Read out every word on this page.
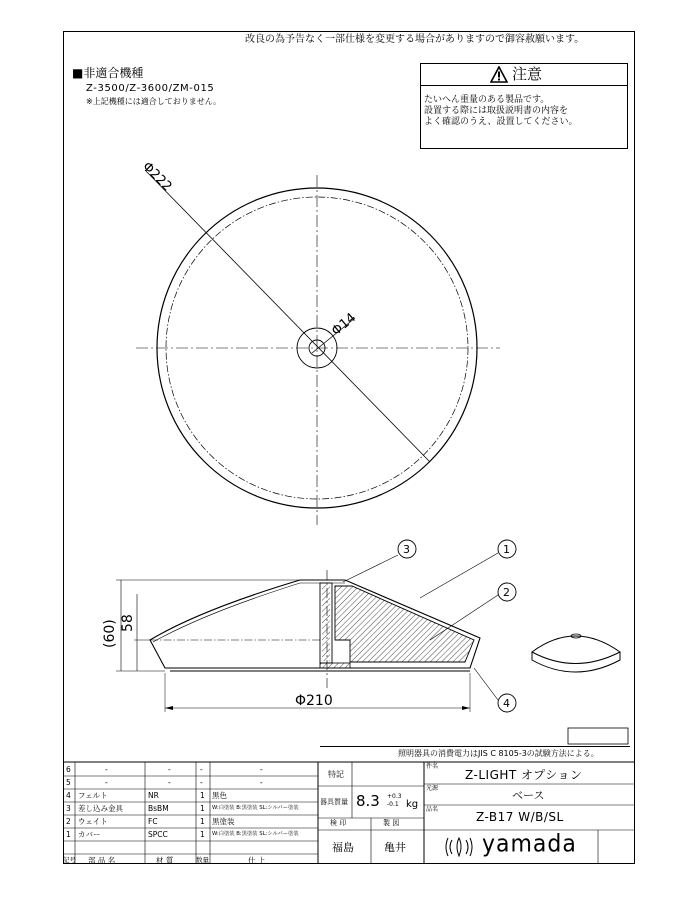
改良の為予告なく一部仕様を変更する場合がありますので御容赦願います。
■非適合機種
Z-3500/Z-3600/ZM-015
※上記機種には適合しておりません。
注意
たいへん重量のある製品です。
設置する際には取扱説明書の内容を
よく確認のうえ、設置してください。
Φ222
Φ14
3	1
2
4
(60) 58
Φ210
照明器具の消費電力はJIS C 8105-3の試験方法による。
6	-	-	-	-
5	-	-	-	-
4 フェルト	NR	1 黒色
3 差し込み金具	BsBM	1 W:白塗装 B:黒塗装 SL:シルバー塗装
2 ウェイト	FC	1 黒塗装
1 カバー	SPCC	1 W:白塗装 B:黒塗装 SL:シルバー塗装
記号 部 品 名	材 質	数量	仕 上
特記
器具質量 8.3 +0.3
-0.1 kg
検 印	製 図
福島	亀井
件名
Z-LIGHT オプション
光源
ベース
品名
Z-B17 W/B/SL
yamada
